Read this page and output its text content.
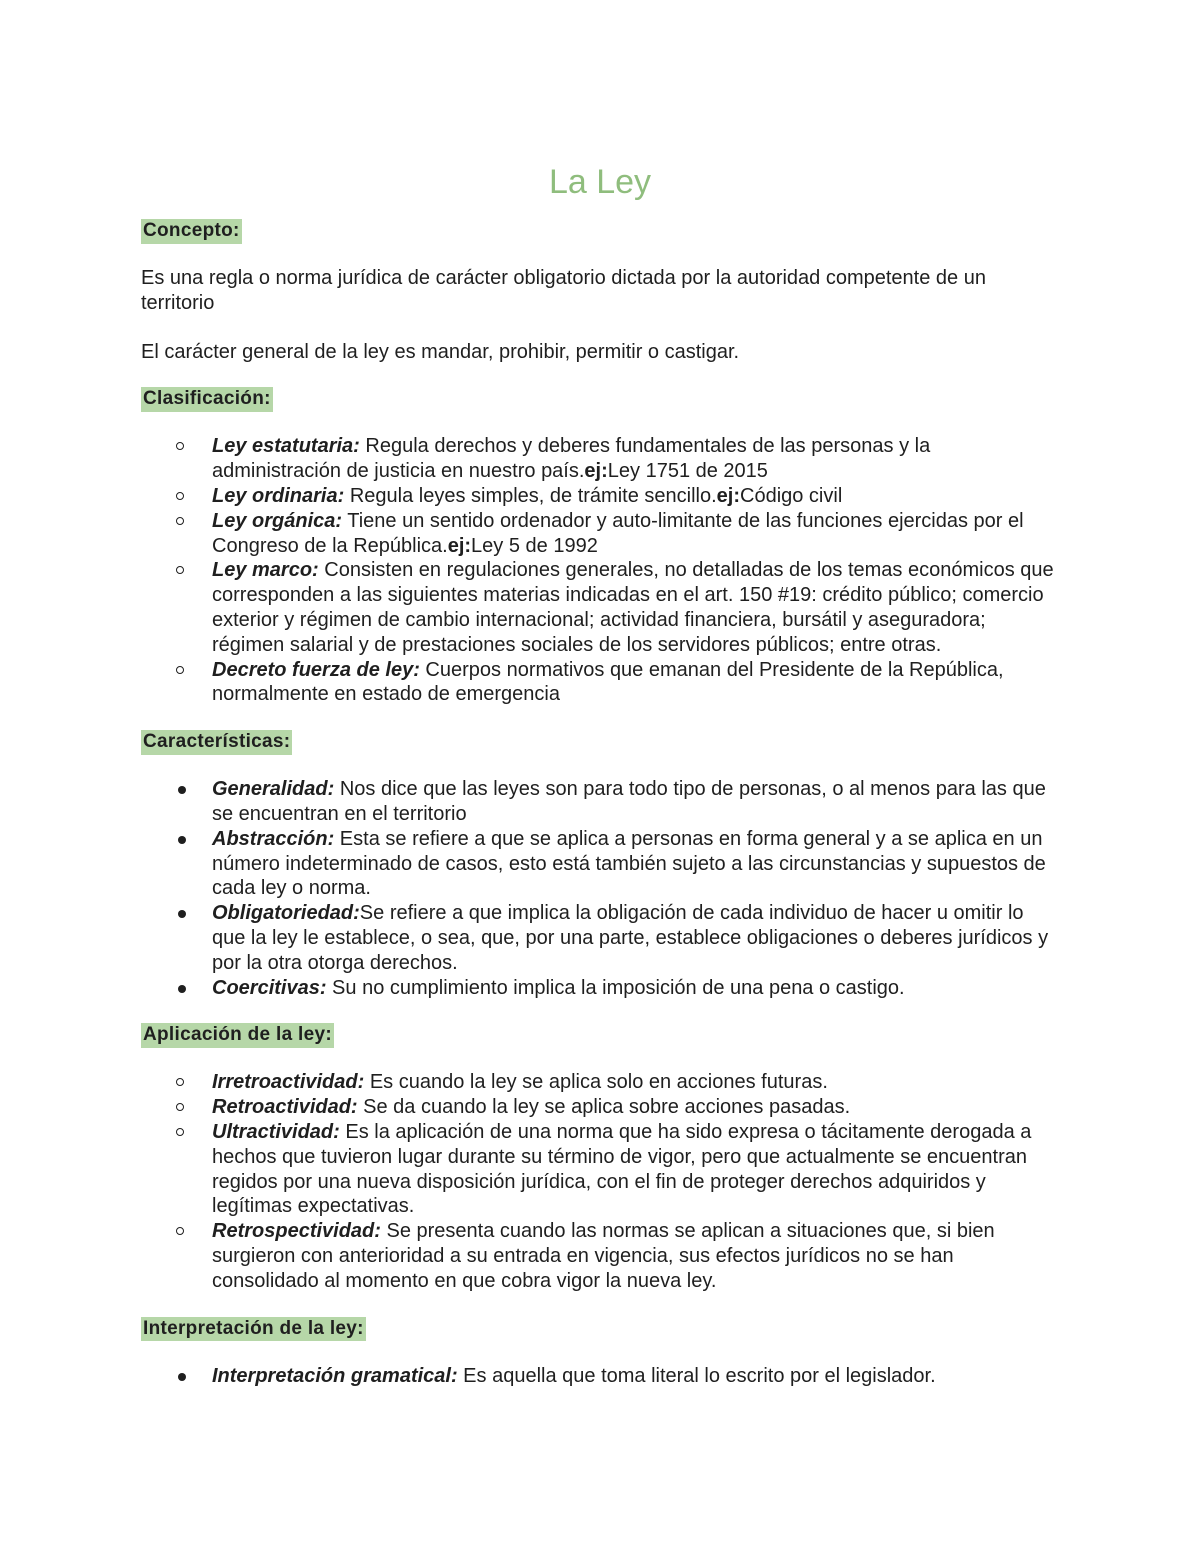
La Ley
Concepto:

Es una regla o norma jurídica de carácter obligatorio dictada por la autoridad competente de un territorio

El carácter general de la ley es mandar, prohibir, permitir o castigar.

Clasificación:
Ley estatutaria: Regula derechos y deberes fundamentales de las personas y la administración de justicia en nuestro país.ej:Ley 1751 de 2015
Ley ordinaria: Regula leyes simples, de trámite sencillo.ej:Código civil
Ley orgánica: Tiene un sentido ordenador y auto-limitante de las funciones ejercidas por el Congreso de la República.ej:Ley 5 de 1992
Ley marco: Consisten en regulaciones generales, no detalladas de los temas económicos que corresponden a las siguientes materias indicadas en el art. 150 #19: crédito público; comercio exterior y régimen de cambio internacional; actividad financiera, bursátil y aseguradora; régimen salarial y de prestaciones sociales de los servidores públicos; entre otras.
Decreto fuerza de ley: Cuerpos normativos que emanan del Presidente de la República, normalmente en estado de emergencia
Características:
Generalidad: Nos dice que las leyes son para todo tipo de personas, o al menos para las que se encuentran en el territorio
Abstracción: Esta se refiere a que se aplica a personas en forma general y a se aplica en un número indeterminado de casos, esto está también sujeto a las circunstancias y supuestos de cada ley o norma.
Obligatoriedad:Se refiere a que implica la obligación de cada individuo de hacer u omitir lo que la ley le establece, o sea, que, por una parte, establece obligaciones o deberes jurídicos y por la otra otorga derechos.
Coercitivas: Su no cumplimiento implica la imposición de una pena o castigo.
Aplicación de la ley:
Irretroactividad: Es cuando la ley se aplica solo en acciones futuras.
Retroactividad: Se da cuando la ley se aplica sobre acciones pasadas.
Ultractividad: Es la aplicación de una norma que ha sido expresa o tácitamente derogada a hechos que tuvieron lugar durante su término de vigor, pero que actualmente se encuentran regidos por una nueva disposición jurídica, con el fin de proteger derechos adquiridos y legítimas expectativas.
Retrospectividad: Se presenta cuando las normas se aplican a situaciones que, si bien surgieron con anterioridad a su entrada en vigencia, sus efectos jurídicos no se han consolidado al momento en que cobra vigor la nueva ley.
Interpretación de la ley:
Interpretación gramatical: Es aquella que toma literal lo escrito por el legislador.
